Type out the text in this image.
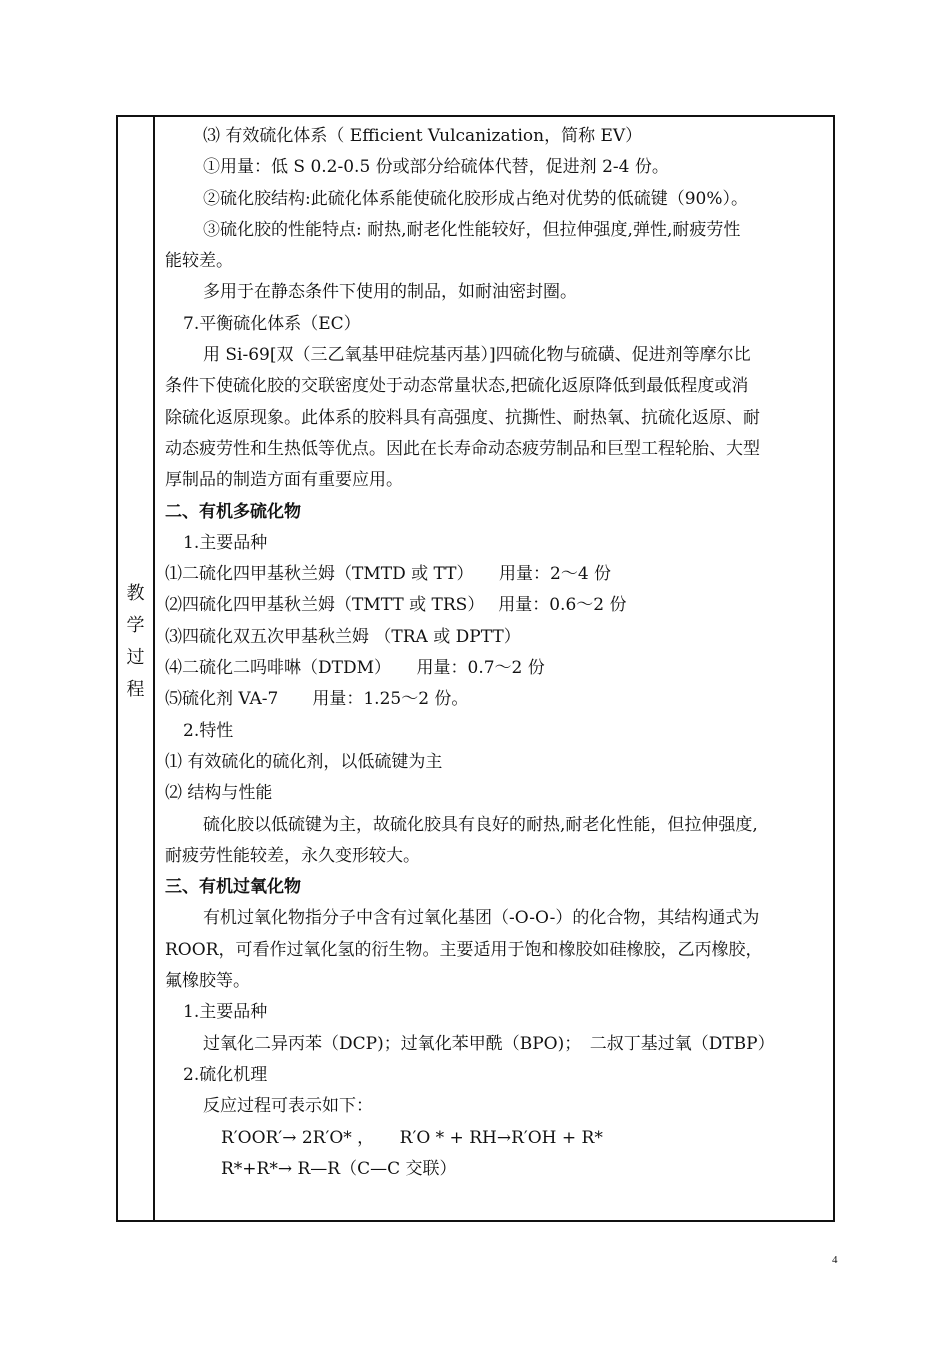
教
学
过
程
⑶ 有效硫化体系（ Efficient Vulcanization，简称 EV）
①用量：低 S 0.2-0.5 份或部分给硫体代替，促进剂 2-4 份。
②硫化胶结构:此硫化体系能使硫化胶形成占绝对优势的低硫键（90%）。
③硫化胶的性能特点: 耐热,耐老化性能较好，但拉伸强度,弹性,耐疲劳性
能较差。
多用于在静态条件下使用的制品，如耐油密封圈。
7.平衡硫化体系（EC）
用 Si-69[双（三乙氧基甲硅烷基丙基）]四硫化物与硫磺、促进剂等摩尔比
条件下使硫化胶的交联密度处于动态常量状态,把硫化返原降低到最低程度或消
除硫化返原现象。此体系的胶料具有高强度、抗撕性、耐热氧、抗硫化返原、耐
动态疲劳性和生热低等优点。因此在长寿命动态疲劳制品和巨型工程轮胎、大型
厚制品的制造方面有重要应用。
二、有机多硫化物
1.主要品种
⑴二硫化四甲基秋兰姆（TMTD 或 TT）　　用量：2～4 份
⑵四硫化四甲基秋兰姆（TMTT 或 TRS）　 用量：0.6～2 份
⑶四硫化双五次甲基秋兰姆 （TRA 或 DPTT）
⑷二硫化二吗啡啉（DTDM）　　用量：0.7～2 份
⑸硫化剂 VA-7　　用量：1.25～2 份。
2.特性
⑴ 有效硫化的硫化剂，以低硫键为主
⑵ 结构与性能
硫化胶以低硫键为主，故硫化胶具有良好的耐热,耐老化性能，但拉伸强度,
耐疲劳性能较差，永久变形较大。
三、有机过氧化物
有机过氧化物指分子中含有过氧化基团（-O-O-）的化合物，其结构通式为
ROOR，可看作过氧化氢的衍生物。主要适用于饱和橡胶如硅橡胶，乙丙橡胶，
氟橡胶等。
1.主要品种
过氧化二异丙苯（DCP)；过氧化苯甲酰（BPO)；　二叔丁基过氧（DTBP）
2.硫化机理
反应过程可表示如下：
R′OOR′→ 2R′O* ，　　R′O * + RH→R′OH + R*
R*+R*→ R—R（C—C 交联）
4
